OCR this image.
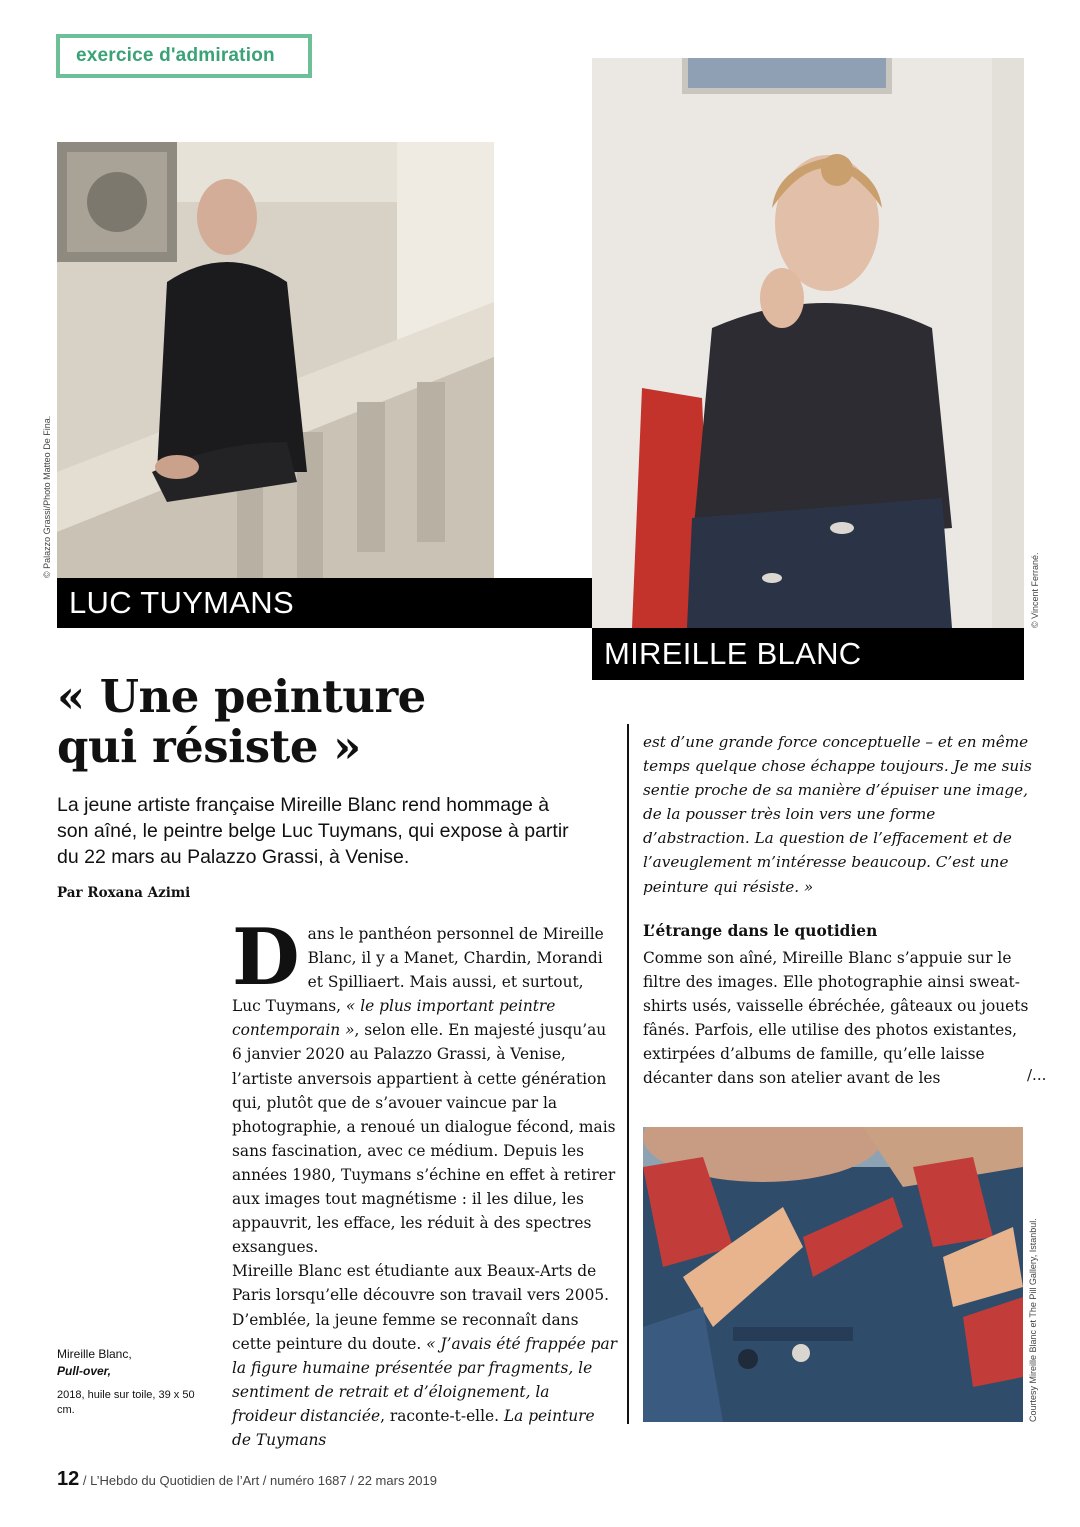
exercice d'admiration
© Palazzo Grassi/Photo Matteo De Fina.
© Vincent Ferrané.
LUC TUYMANS
MIREILLE BLANC
« Une peinture
qui résiste »
La jeune artiste française Mireille Blanc rend hommage à son aîné, le peintre belge Luc Tuymans, qui expose à partir du 22 mars au Palazzo Grassi, à Venise.
Par Roxana Azimi
D ans le panthéon personnel de Mireille Blanc, il y a Manet, Chardin, Morandi et Spilliaert. Mais aussi, et surtout, Luc Tuymans, « le plus important peintre contemporain », selon elle. En majesté jusqu’au 6 janvier 2020 au Palazzo Grassi, à Venise, l’artiste anversois appartient à cette génération qui, plutôt que de s’avouer vaincue par la photographie, a renoué un dialogue fécond, mais sans fascination, avec ce médium. Depuis les années 1980, Tuymans s’échine en effet à retirer aux images tout magnétisme : il les dilue, les appauvrit, les efface, les réduit à des spectres exsangues.

Mireille Blanc est étudiante aux Beaux-Arts de Paris lorsqu’elle découvre son travail vers 2005. D’emblée, la jeune femme se reconnaît dans cette peinture du doute. « J’avais été frappée par la figure humaine présentée par fragments, le sentiment de retrait et d’éloignement, la froideur distanciée, raconte-t-elle. La peinture de Tuymans

est d’une grande force conceptuelle – et en même temps quelque chose échappe toujours. Je me suis sentie proche de sa manière d’épuiser une image, de la pousser très loin vers une forme d’abstraction. La question de l’effacement et de l’aveuglement m’intéresse beaucoup. C’est une peinture qui résiste. »
L’étrange dans le quotidien
Comme son aîné, Mireille Blanc s’appuie sur le filtre des images. Elle photographie ainsi sweat-shirts usés, vaisselle ébréchée, gâteaux ou jouets fânés. Parfois, elle utilise des photos existantes, extirpées d’albums de famille, qu’elle laisse décanter dans son atelier avant de les	/...
Courtesy Mireille Blanc et The Pill Gallery, Istanbul.
Mireille Blanc,
Pull-over,
2018, huile sur toile, 39 x 50 cm.
12 / L’Hebdo du Quotidien de l’Art / numéro 1687 / 22 mars 2019
